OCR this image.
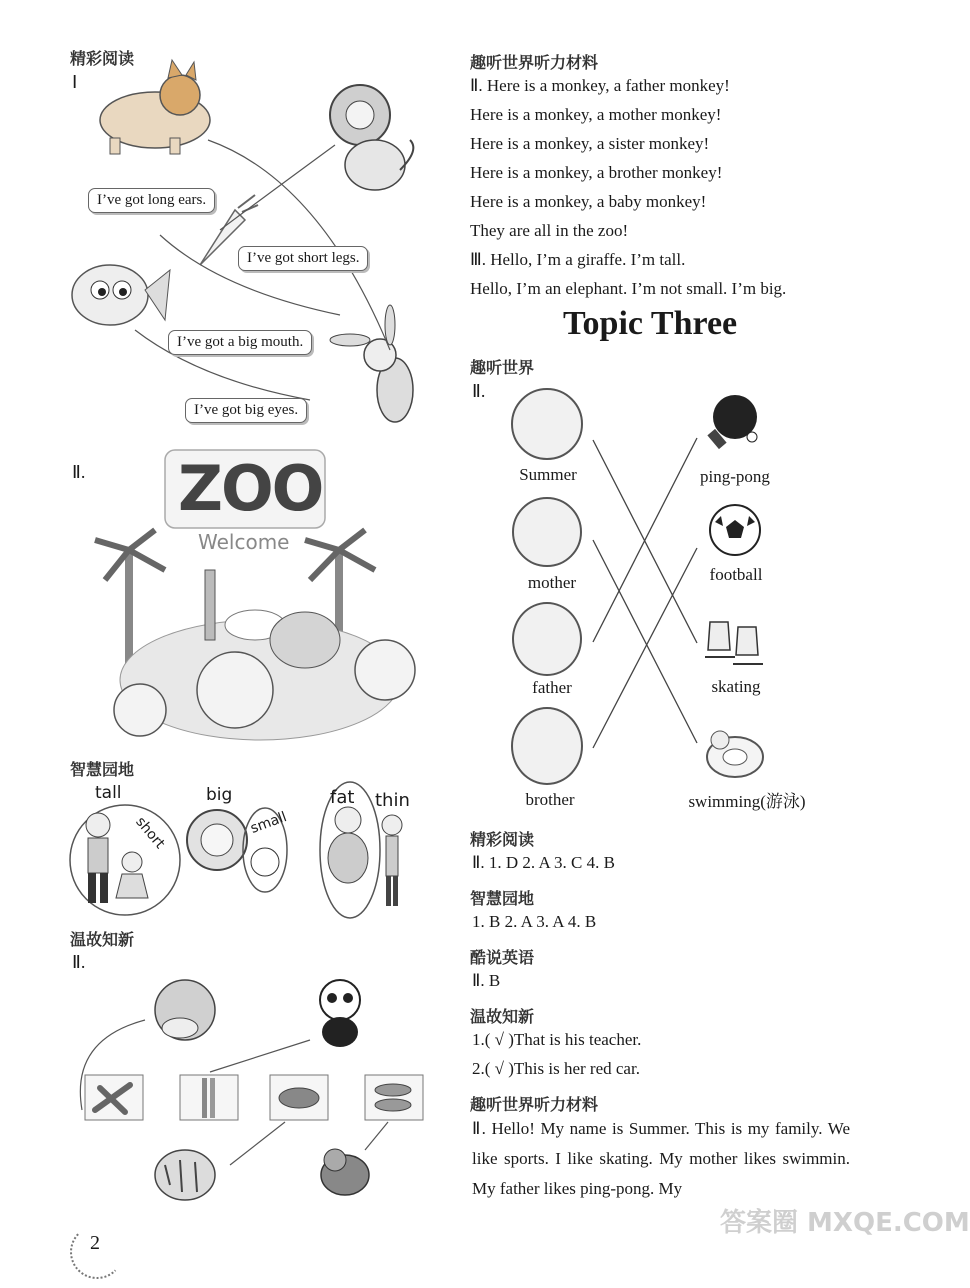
精彩阅读
Ⅰ
I’ve got long ears.
I’ve got short legs.
I’ve got a big mouth.
I’ve got big eyes.
Ⅱ. ZOO
Welcome
智慧园地
tall
short
big
small
fat thin
温故知新
Ⅱ.
2
趣听世界听力材料
Ⅱ. Here is a monkey, a father monkey!
Here is a monkey, a mother monkey!
Here is a monkey, a sister monkey!
Here is a monkey, a brother monkey!
Here is a monkey, a baby monkey!
They are all in the zoo!
Ⅲ. Hello, I’m a giraffe. I’m tall.
Hello, I’m an elephant. I’m not small. I’m big.
Topic Three
趣听世界
Ⅱ.
Summer
mother
father
brother
ping-pong
football
skating
swimming(游泳)
精彩阅读
Ⅱ. 1. D 2. A 3. C 4. B
智慧园地
1. B 2. A 3. A 4. B
酷说英语
Ⅱ. B
温故知新
1.( √ )That is his teacher.
2.( √ )This is her red car.
趣听世界听力材料
Ⅱ. Hello! My name is Summer. This is my family. We like sports. I like skating. My mother likes swimmin. My father likes ping-pong. My
答案圈 MXQE.COM
